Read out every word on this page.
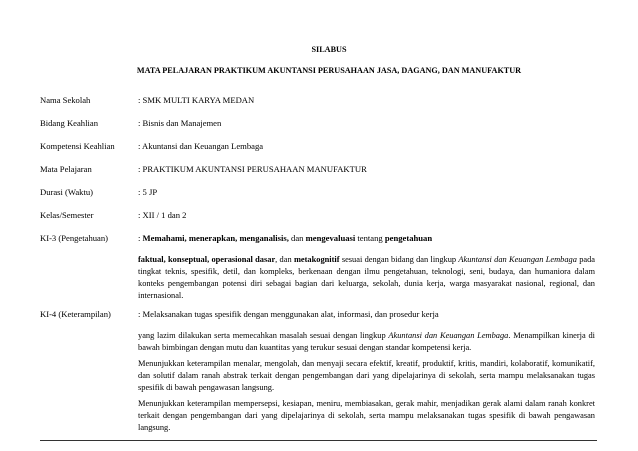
SILABUS
MATA PELAJARAN PRAKTIKUM AKUNTANSI PERUSAHAAN JASA, DAGANG, DAN MANUFAKTUR
Nama Sekolah	: SMK MULTI KARYA MEDAN
Bidang Keahlian	: Bisnis dan Manajemen
Kompetensi Keahlian	: Akuntansi dan Keuangan Lembaga
Mata Pelajaran	: PRAKTIKUM AKUNTANSI PERUSAHAAN MANUFAKTUR
Durasi (Waktu)	: 5 JP
Kelas/Semester	: XII / 1 dan 2
KI-3 (Pengetahuan)	: Memahami, menerapkan, menganalisis, dan mengevaluasi tentang pengetahuan
faktual, konseptual, operasional dasar, dan metakognitif sesuai dengan bidang dan lingkup Akuntansi dan Keuangan Lembaga pada tingkat teknis, spesifik, detil, dan kompleks, berkenaan dengan ilmu pengetahuan, teknologi, seni, budaya, dan humaniora dalam konteks pengembangan potensi diri sebagai bagian dari keluarga, sekolah, dunia kerja, warga masyarakat nasional, regional, dan internasional.
KI-4 (Keterampilan)	: Melaksanakan tugas spesifik dengan menggunakan alat, informasi, dan prosedur kerja
yang lazim dilakukan serta memecahkan masalah sesuai dengan lingkup Akuntansi dan Keuangan Lembaga. Menampilkan kinerja di bawah bimbingan dengan mutu dan kuantitas yang terukur sesuai dengan standar kompetensi kerja.
Menunjukkan keterampilan menalar, mengolah, dan menyaji secara efektif, kreatif, produktif, kritis, mandiri, kolaboratif, komunikatif, dan solutif dalam ranah abstrak terkait dengan pengembangan dari yang dipelajarinya di sekolah, serta mampu melaksanakan tugas spesifik di bawah pengawasan langsung.
Menunjukkan keterampilan mempersepsi, kesiapan, meniru, membiasakan, gerak mahir, menjadikan gerak alami dalam ranah konkret terkait dengan pengembangan dari yang dipelajarinya di sekolah, serta mampu melaksanakan tugas spesifik di bawah pengawasan langsung.
